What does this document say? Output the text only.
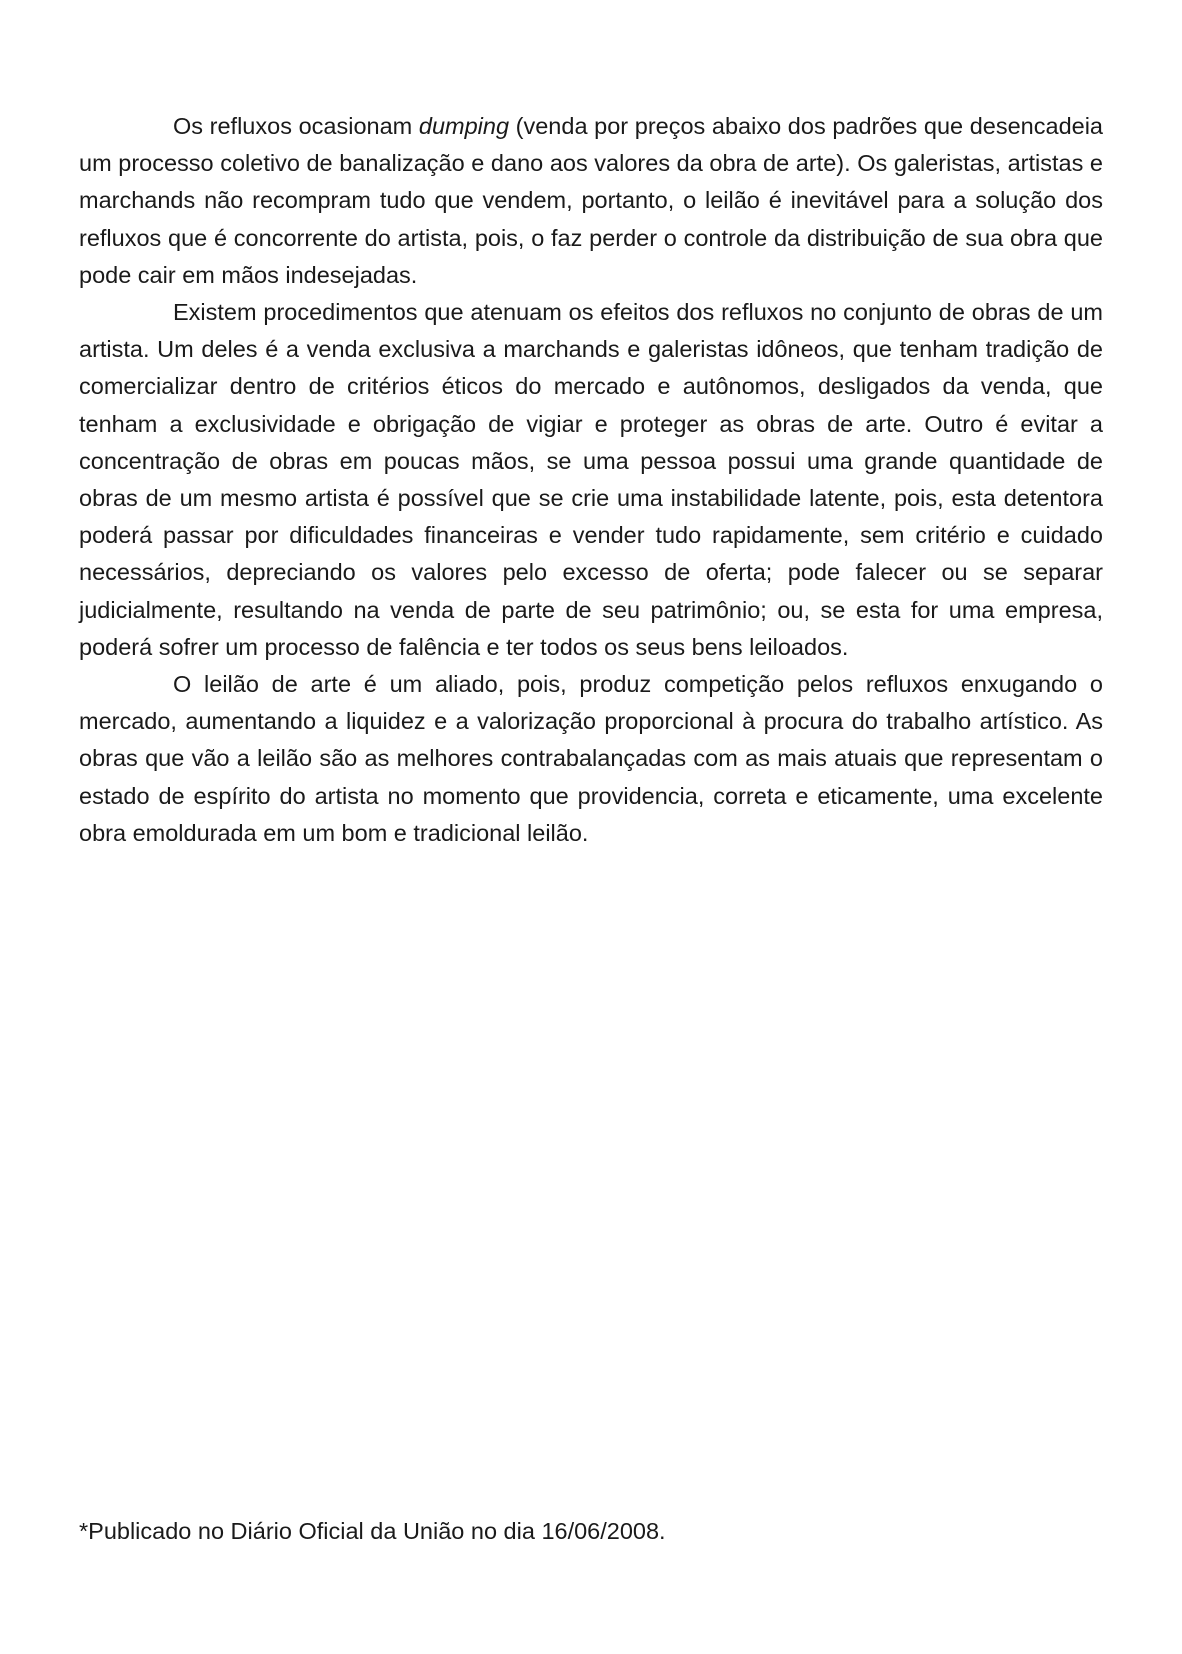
Os refluxos ocasionam dumping (venda por preços abaixo dos padrões que desencadeia um processo coletivo de banalização e dano aos valores da obra de arte). Os galeristas, artistas e marchands não recompram tudo que vendem, portanto, o leilão é inevitável para a solução dos refluxos que é concorrente do artista, pois, o faz perder o controle da distribuição de sua obra que pode cair em mãos indesejadas.

Existem procedimentos que atenuam os efeitos dos refluxos no conjunto de obras de um artista. Um deles é a venda exclusiva a marchands e galeristas idôneos, que tenham tradição de comercializar dentro de critérios éticos do mercado e autônomos, desligados da venda, que tenham a exclusividade e obrigação de vigiar e proteger as obras de arte. Outro é evitar a concentração de obras em poucas mãos, se uma pessoa possui uma grande quantidade de obras de um mesmo artista é possível que se crie uma instabilidade latente, pois, esta detentora poderá passar por dificuldades financeiras e vender tudo rapidamente, sem critério e cuidado necessários, depreciando os valores pelo excesso de oferta; pode falecer ou se separar judicialmente, resultando na venda de parte de seu patrimônio; ou, se esta for uma empresa, poderá sofrer um processo de falência e ter todos os seus bens leiloados.

O leilão de arte é um aliado, pois, produz competição pelos refluxos enxugando o mercado, aumentando a liquidez e a valorização proporcional à procura do trabalho artístico. As obras que vão a leilão são as melhores contrabalançadas com as mais atuais que representam o estado de espírito do artista no momento que providencia, correta e eticamente, uma excelente obra emoldurada em um bom e tradicional leilão.

*Publicado no Diário Oficial da União no dia 16/06/2008.
